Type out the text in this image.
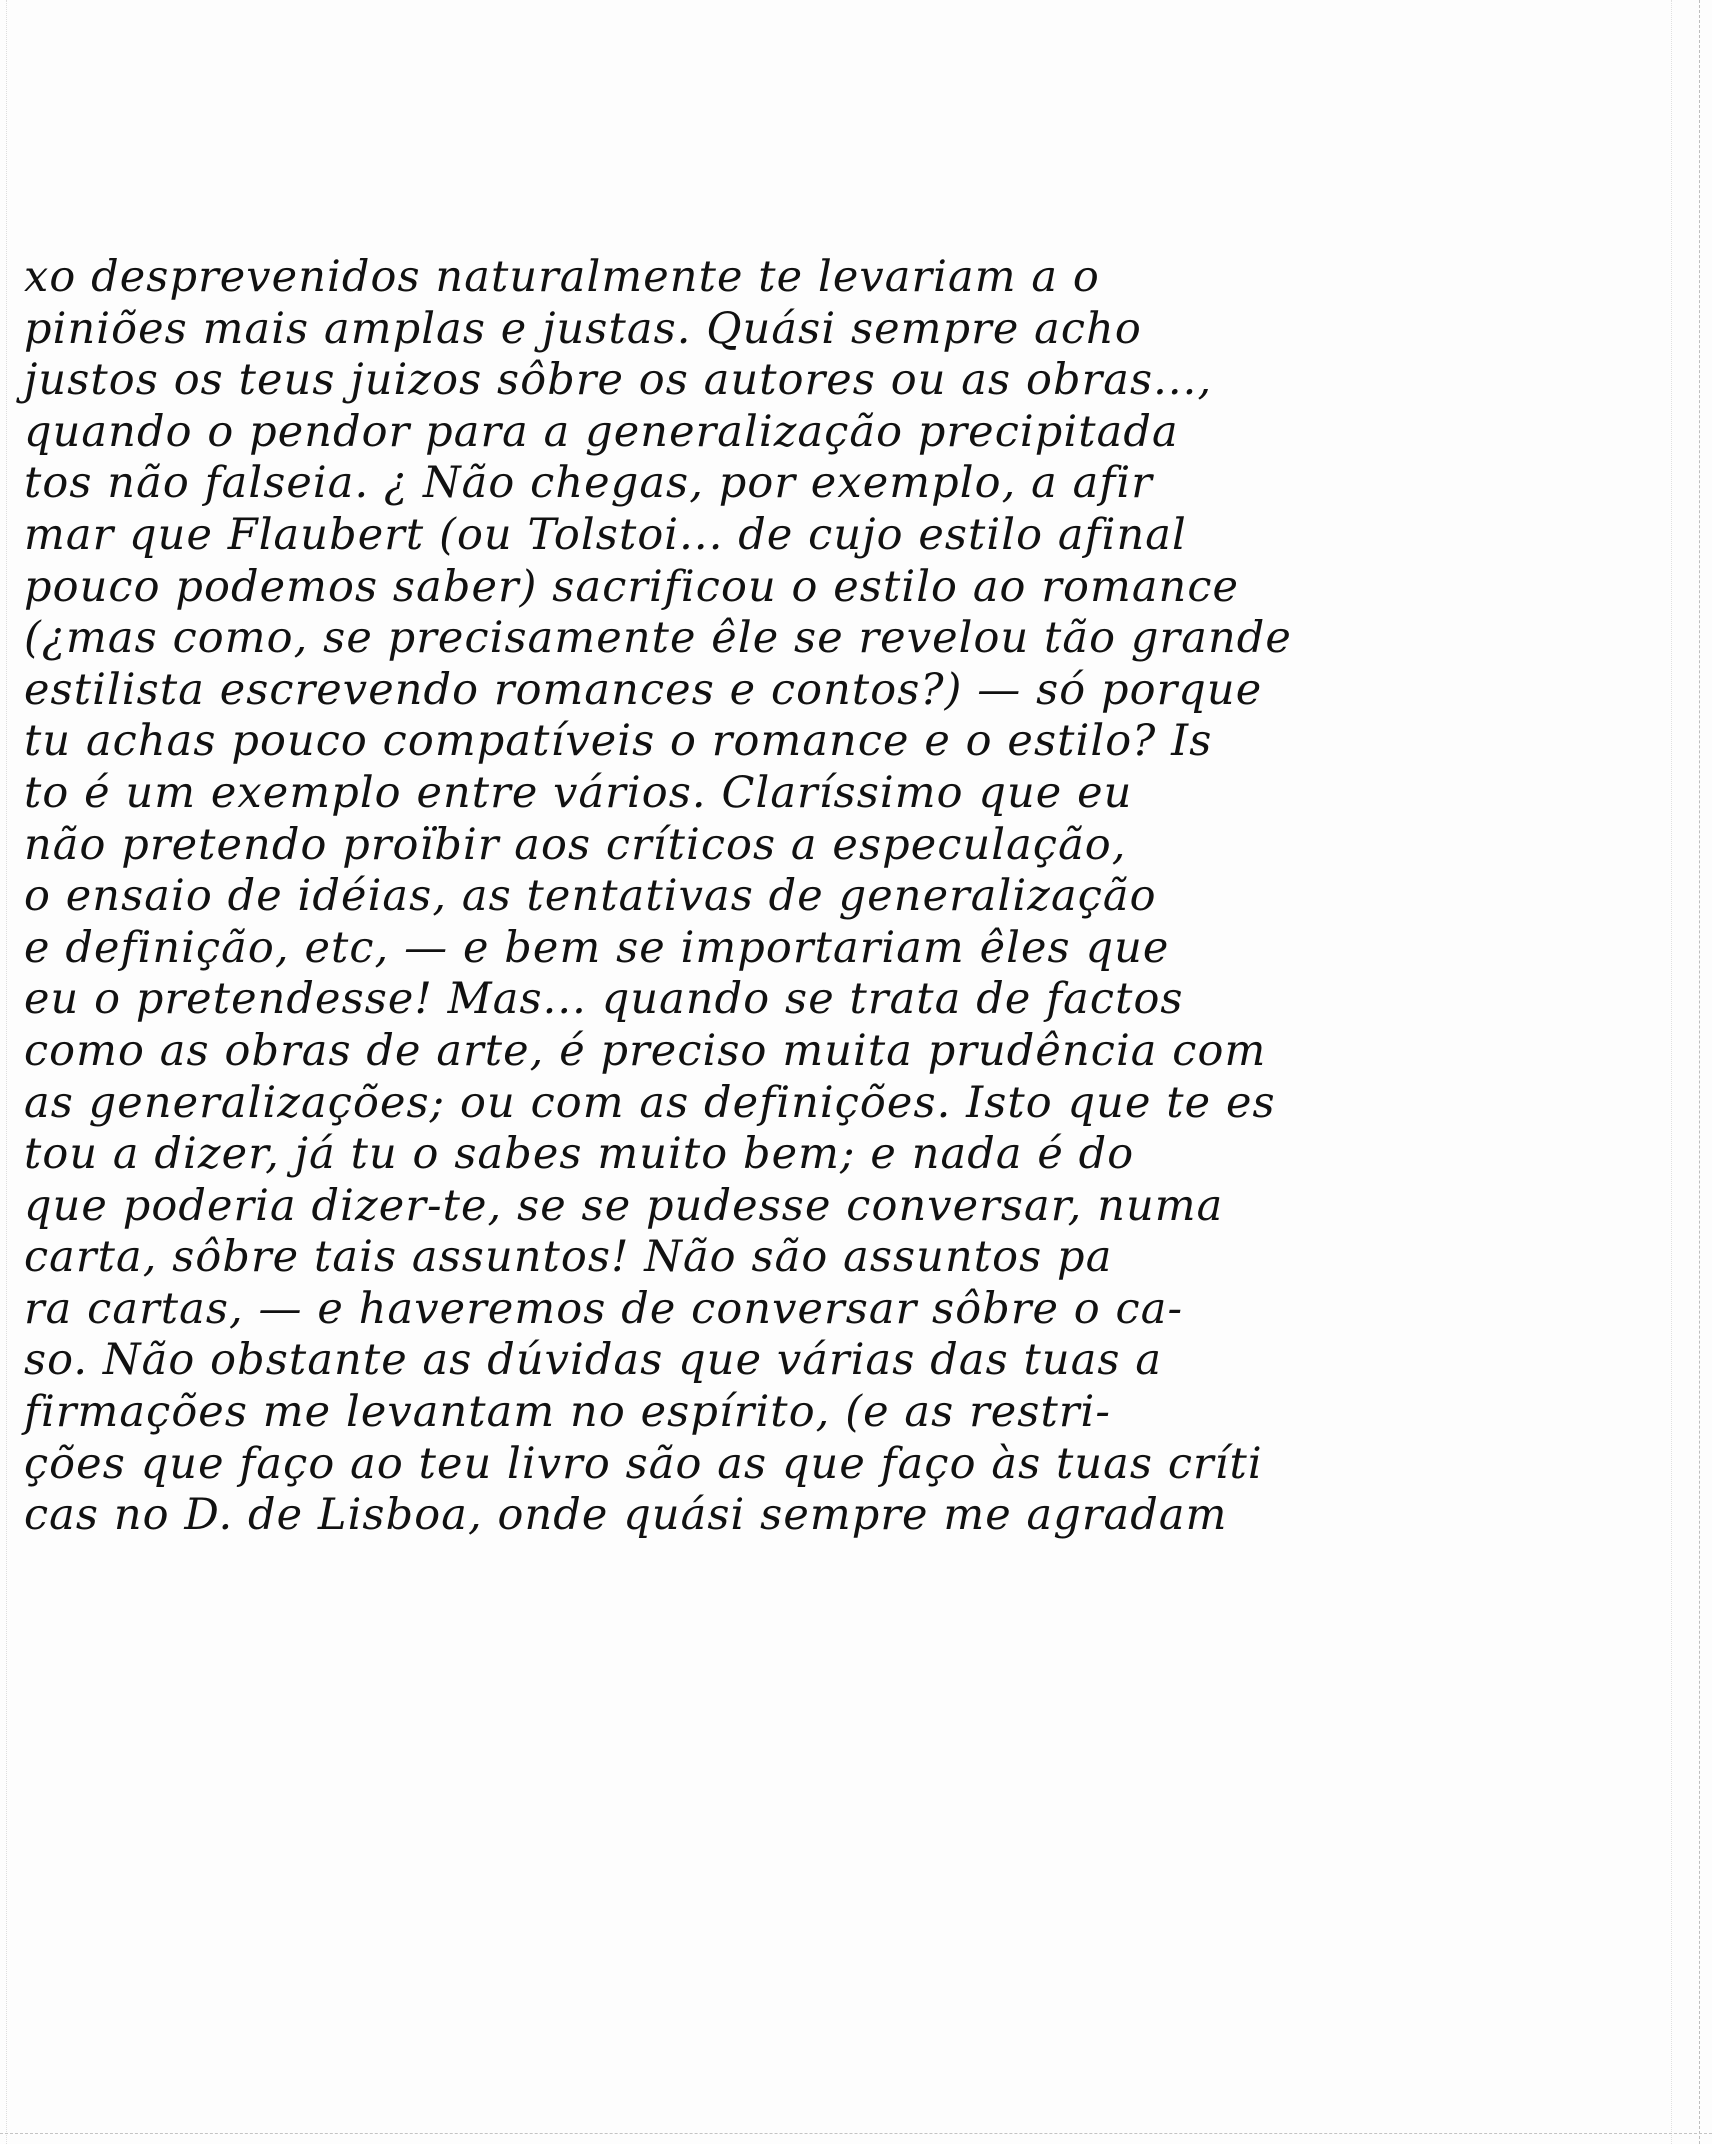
xo desprevenidos naturalmente te levariam a o
piniões mais amplas e justas. Quási sempre acho
justos os teus juizos sôbre os autores ou as obras...,
quando o pendor para a generalização precipitada
tos não falseia. ¿ Não chegas, por exemplo, a afir
mar que Flaubert (ou Tolstoi... de cujo estilo afinal
pouco podemos saber) sacrificou o estilo ao romance
(¿mas como, se precisamente êle se revelou tão grande
estilista escrevendo romances e contos?) — só porque
tu achas pouco compatíveis o romance e o estilo? Is
to é um exemplo entre vários. Claríssimo que eu
não pretendo proïbir aos críticos a especulação,
o ensaio de idéias, as tentativas de generalização
e definição, etc, — e bem se importariam êles que
eu o pretendesse! Mas... quando se trata de factos
como as obras de arte, é preciso muita prudência com
as generalizações; ou com as definições. Isto que te es
tou a dizer, já tu o sabes muito bem; e nada é do
que poderia dizer-te, se se pudesse conversar, numa
carta, sôbre tais assuntos! Não são assuntos pa
ra cartas, — e haveremos de conversar sôbre o ca-
so. Não obstante as dúvidas que várias das tuas a
firmações me levantam no espírito, (e as restri-
ções que faço ao teu livro são as que faço às tuas críti
cas no D. de Lisboa, onde quási sempre me agradam
